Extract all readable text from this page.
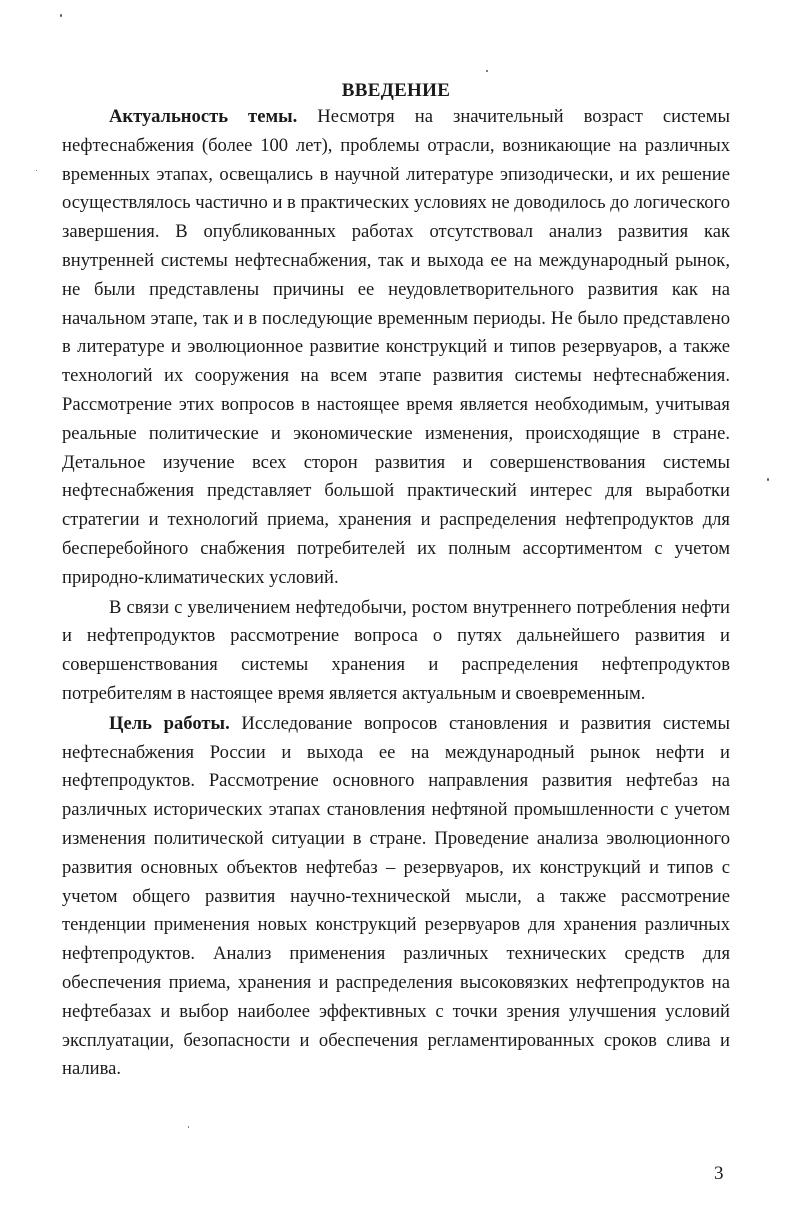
ВВЕДЕНИЕ

Актуальность темы. Несмотря на значительный возраст системы нефтеснабжения (более 100 лет), проблемы отрасли, возникающие на различных временных этапах, освещались в научной литературе эпизодически, и их решение осуществлялось частично и в практических условиях не доводилось до логического завершения. В опубликованных работах отсутствовал анализ развития как внутренней системы нефтеснабжения, так и выхода ее на международный рынок, не были представлены причины ее неудовлетворительного развития как на начальном этапе, так и в последующие временным периоды. Не было представлено в литературе и эволюционное развитие конструкций и типов резервуаров, а также технологий их сооружения на всем этапе развития системы нефтеснабжения. Рассмотрение этих вопросов в настоящее время является необходимым, учитывая реальные политические и экономические изменения, происходящие в стране. Детальное изучение всех сторон развития и совершенствования системы нефтеснабжения представляет большой практический интерес для выработки стратегии и технологий приема, хранения и распределения нефтепродуктов для бесперебойного снабжения потребителей их полным ассортиментом с учетом природно-климатических условий.

В связи с увеличением нефтедобычи, ростом внутреннего потребления нефти и нефтепродуктов рассмотрение вопроса о путях дальнейшего развития и совершенствования системы хранения и распределения нефтепродуктов потребителям в настоящее время является актуальным и своевременным.

Цель работы. Исследование вопросов становления и развития системы нефтеснабжения России и выхода ее на международный рынок нефти и нефтепродуктов. Рассмотрение основного направления развития нефтебаз на различных исторических этапах становления нефтяной промышленности с учетом изменения политической ситуации в стране. Проведение анализа эволюционного развития основных объектов нефтебаз – резервуаров, их конструкций и типов с учетом общего развития научно-технической мысли, а также рассмотрение тенденции применения новых конструкций резервуаров для хранения различных нефтепродуктов. Анализ применения различных технических средств для обеспечения приема, хранения и распределения высоковязких нефтепродуктов на нефтебазах и выбор наиболее эффективных с точки зрения улучшения условий эксплуатации, безопасности и обеспечения регламентированных сроков слива и налива.

3
